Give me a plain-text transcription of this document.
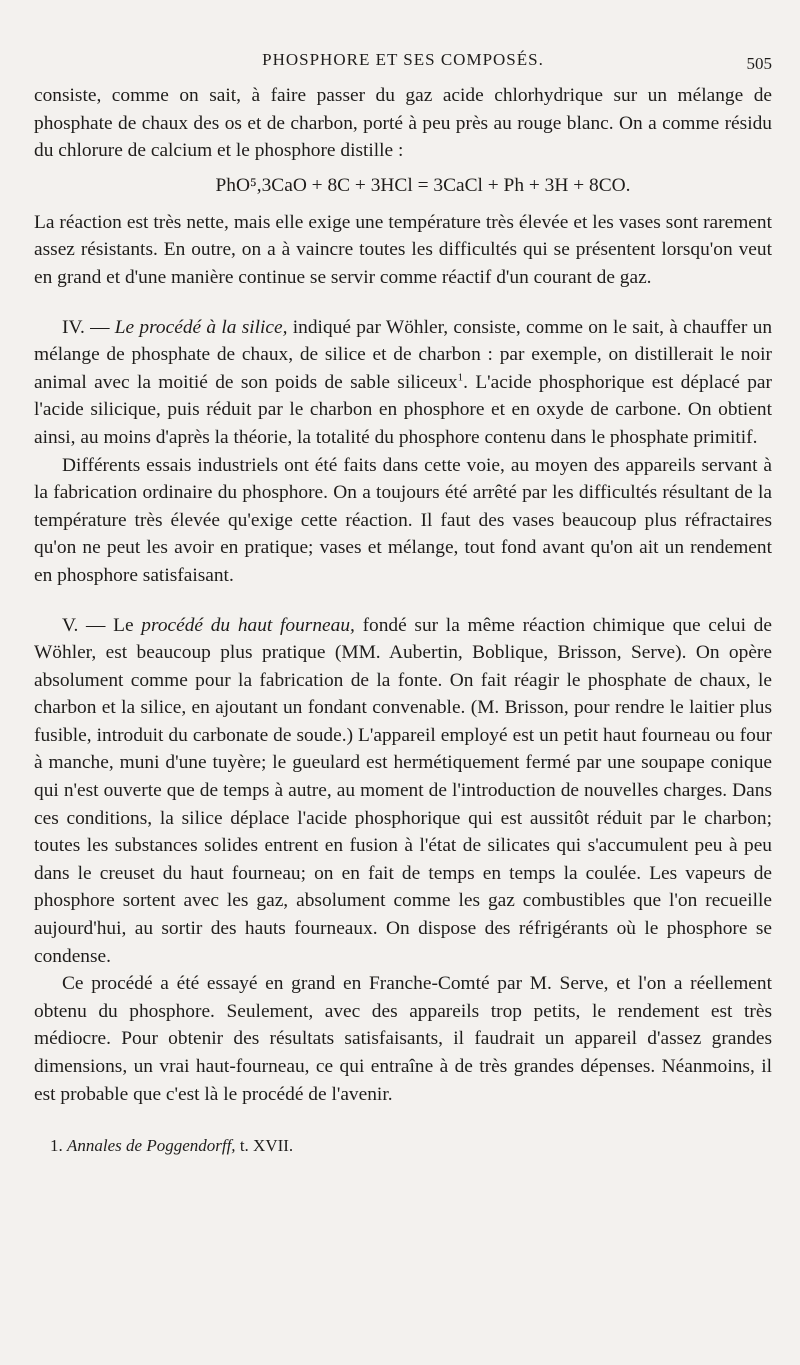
PHOSPHORE ET SES COMPOSÉS.	505

consiste, comme on sait, à faire passer du gaz acide chlorhydrique sur un mélange de phosphate de chaux des os et de charbon, porté à peu près au rouge blanc. On a comme résidu du chlorure de calcium et le phosphore distille :

PhO⁵,3CaO + 8C + 3HCl = 3CaCl + Ph + 3H + 8CO.

La réaction est très nette, mais elle exige une température très élevée et les vases sont rarement assez résistants. En outre, on a à vaincre toutes les difficultés qui se présentent lorsqu'on veut en grand et d'une manière continue se servir comme réactif d'un courant de gaz.

IV. — Le procédé à la silice, indiqué par Wöhler, consiste, comme on le sait, à chauffer un mélange de phosphate de chaux, de silice et de charbon : par exemple, on distillerait le noir animal avec la moitié de son poids de sable siliceux$^1$. L'acide phosphorique est déplacé par l'acide silicique, puis réduit par le charbon en phosphore et en oxyde de carbone. On obtient ainsi, au moins d'après la théorie, la totalité du phosphore contenu dans le phosphate primitif.

Différents essais industriels ont été faits dans cette voie, au moyen des appareils servant à la fabrication ordinaire du phosphore. On a toujours été arrêté par les difficultés résultant de la température très élevée qu'exige cette réaction. Il faut des vases beaucoup plus réfractaires qu'on ne peut les avoir en pratique; vases et mélange, tout fond avant qu'on ait un rendement en phosphore satisfaisant.

V. — Le procédé du haut fourneau, fondé sur la même réaction chimique que celui de Wöhler, est beaucoup plus pratique (MM. Aubertin, Boblique, Brisson, Serve). On opère absolument comme pour la fabrication de la fonte. On fait réagir le phosphate de chaux, le charbon et la silice, en ajoutant un fondant convenable. (M. Brisson, pour rendre le laitier plus fusible, introduit du carbonate de soude.) L'appareil employé est un petit haut fourneau ou four à manche, muni d'une tuyère; le gueulard est hermétiquement fermé par une soupape conique qui n'est ouverte que de temps à autre, au moment de l'introduction de nouvelles charges. Dans ces conditions, la silice déplace l'acide phosphorique qui est aussitôt réduit par le charbon; toutes les substances solides entrent en fusion à l'état de silicates qui s'accumulent peu à peu dans le creuset du haut fourneau; on en fait de temps en temps la coulée. Les vapeurs de phosphore sortent avec les gaz, absolument comme les gaz combustibles que l'on recueille aujourd'hui, au sortir des hauts fourneaux. On dispose des réfrigérants où le phosphore se condense.

Ce procédé a été essayé en grand en Franche-Comté par M. Serve, et l'on a réellement obtenu du phosphore. Seulement, avec des appareils trop petits, le rendement est très médiocre. Pour obtenir des résultats satisfaisants, il faudrait un appareil d'assez grandes dimensions, un vrai haut-fourneau, ce qui entraîne à de très grandes dépenses. Néanmoins, il est probable que c'est là le procédé de l'avenir.

1. Annales de Poggendorff, t. XVII.
